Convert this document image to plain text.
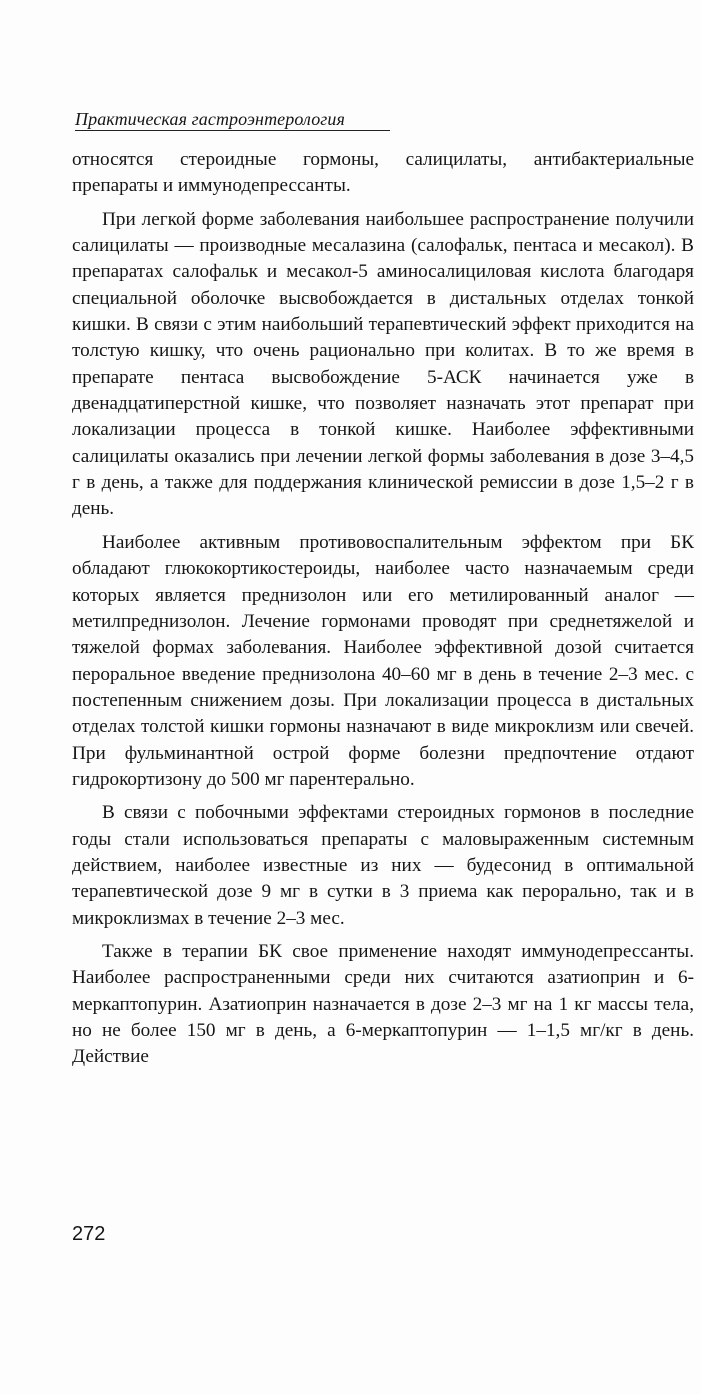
Практическая гастроэнтерология

относятся стероидные гормоны, салицилаты, антибактериальные препараты и иммунодепрессанты.

При легкой форме заболевания наибольшее распространение получили салицилаты — производные месалазина (салофальк, пентаса и месакол). В препаратах салофальк и месакол-5 аминосалициловая кислота благодаря специальной оболочке высвобождается в дистальных отделах тонкой кишки. В связи с этим наибольший терапевтический эффект приходится на толстую кишку, что очень рационально при колитах. В то же время в препарате пентаса высвобождение 5-АСК начинается уже в двенадцатиперстной кишке, что позволяет назначать этот препарат при локализации процесса в тонкой кишке. Наиболее эффективными салицилаты оказались при лечении легкой формы заболевания в дозе 3–4,5 г в день, а также для поддержания клинической ремиссии в дозе 1,5–2 г в день.

Наиболее активным противовоспалительным эффектом при БК обладают глюкокортикостероиды, наиболее часто назначаемым среди которых является преднизолон или его метилированный аналог — метилпреднизолон. Лечение гормонами проводят при среднетяжелой и тяжелой формах заболевания. Наиболее эффективной дозой считается пероральное введение преднизолона 40–60 мг в день в течение 2–3 мес. с постепенным снижением дозы. При локализации процесса в дистальных отделах толстой кишки гормоны назначают в виде микроклизм или свечей. При фульминантной острой форме болезни предпочтение отдают гидрокортизону до 500 мг парентерально.

В связи с побочными эффектами стероидных гормонов в последние годы стали использоваться препараты с маловыраженным системным действием, наиболее известные из них — будесонид в оптимальной терапевтической дозе 9 мг в сутки в 3 приема как перорально, так и в микроклизмах в течение 2–3 мес.

Также в терапии БК свое применение находят иммунодепрессанты. Наиболее распространенными среди них считаются азатиоприн и 6-меркаптопурин. Азатиоприн назначается в дозе 2–3 мг на 1 кг массы тела, но не более 150 мг в день, а 6-меркаптопурин — 1–1,5 мг/кг в день. Действие

272
